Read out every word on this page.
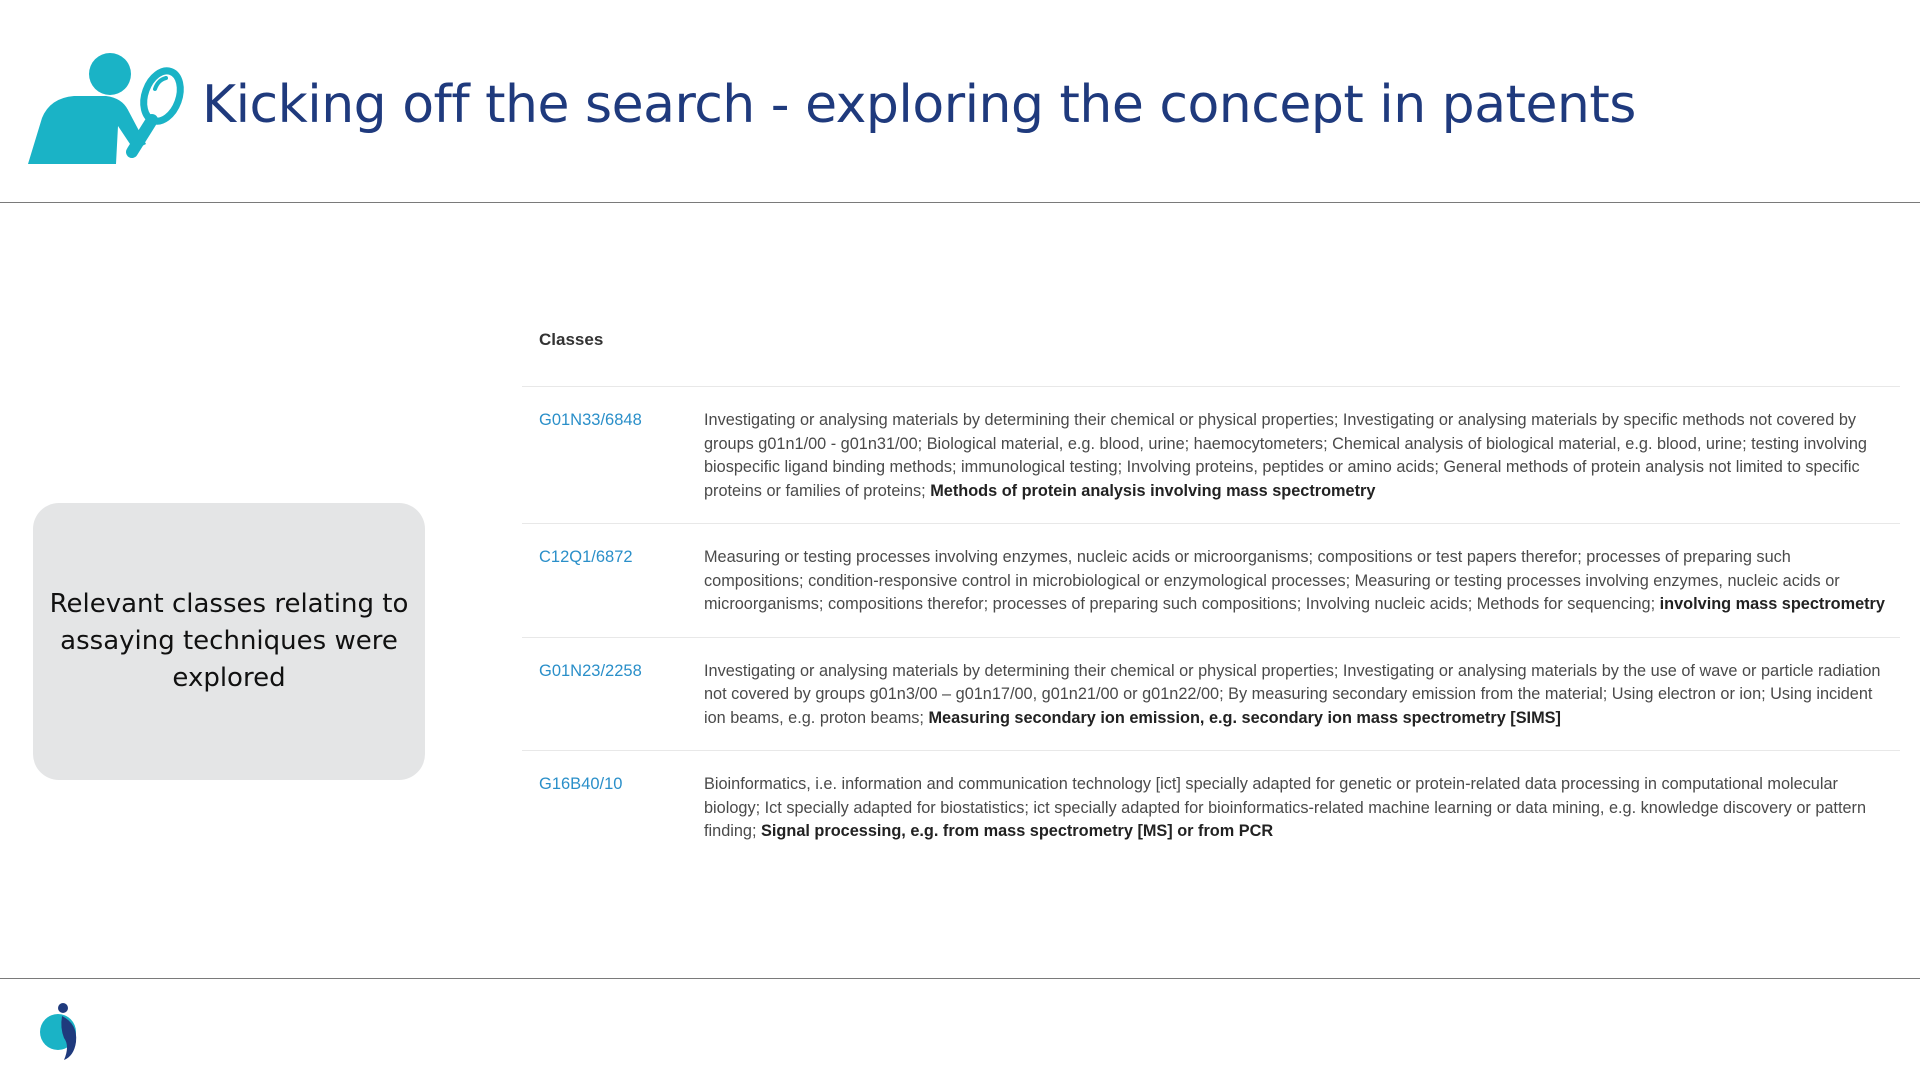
Kicking off the search - exploring the concept in patents
Relevant classes relating to assaying techniques were explored
Classes
G01N33/6848	Investigating or analysing materials by determining their chemical or physical properties; Investigating or analysing materials by specific methods not covered by groups g01n1/00 - g01n31/00; Biological material, e.g. blood, urine; haemocytometers; Chemical analysis of biological material, e.g. blood, urine; testing involving biospecific ligand binding methods; immunological testing; Involving proteins, peptides or amino acids; General methods of protein analysis not limited to specific proteins or families of proteins; Methods of protein analysis involving mass spectrometry
C12Q1/6872	Measuring or testing processes involving enzymes, nucleic acids or microorganisms; compositions or test papers therefor; processes of preparing such compositions; condition-responsive control in microbiological or enzymological processes; Measuring or testing processes involving enzymes, nucleic acids or microorganisms; compositions therefor; processes of preparing such compositions; Involving nucleic acids; Methods for sequencing; involving mass spectrometry
G01N23/2258	Investigating or analysing materials by determining their chemical or physical properties; Investigating or analysing materials by the use of wave or particle radiation not covered by groups g01n3/00 – g01n17/00, g01n21/00 or g01n22/00; By measuring secondary emission from the material; Using electron or ion; Using incident ion beams, e.g. proton beams; Measuring secondary ion emission, e.g. secondary ion mass spectrometry [SIMS]
G16B40/10	Bioinformatics, i.e. information and communication technology [ict] specially adapted for genetic or protein-related data processing in computational molecular biology; Ict specially adapted for biostatistics; ict specially adapted for bioinformatics-related machine learning or data mining, e.g. knowledge discovery or pattern finding; Signal processing, e.g. from mass spectrometry [MS] or from PCR
